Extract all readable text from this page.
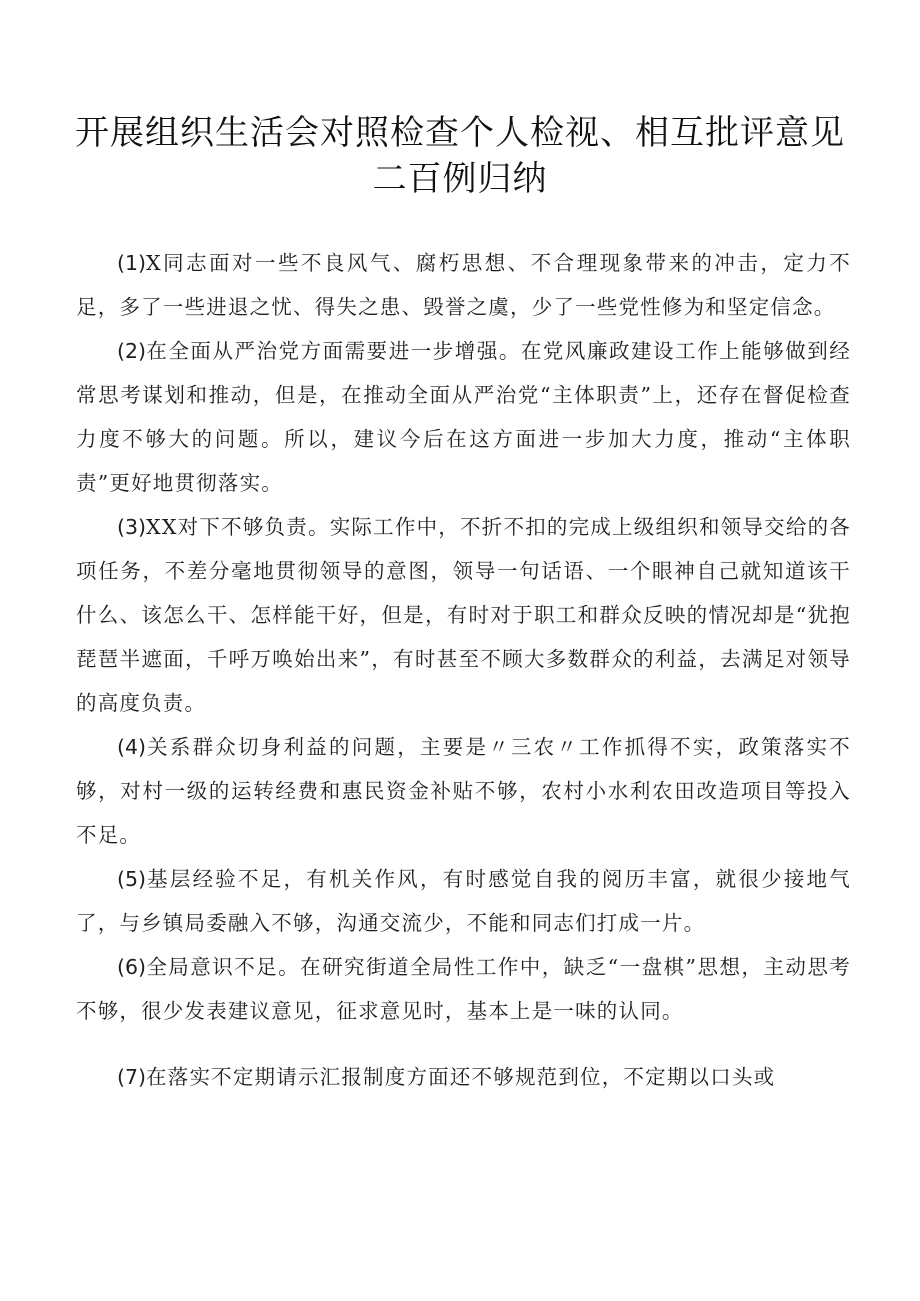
开展组织生活会对照检查个人检视、相互批评意见
二百例归纳

(1)X同志面对一些不良风气、腐朽思想、不合理现象带来的冲击，定力不足，多了一些进退之忧、得失之患、毁誉之虞，少了一些党性修为和坚定信念。

(2)在全面从严治党方面需要进一步增强。在党风廉政建设工作上能够做到经常思考谋划和推动，但是，在推动全面从严治党“主体职责”上，还存在督促检查力度不够大的问题。所以，建议今后在这方面进一步加大力度，推动“主体职责”更好地贯彻落实。

(3)XX对下不够负责。实际工作中，不折不扣的完成上级组织和领导交给的各项任务，不差分毫地贯彻领导的意图，领导一句话语、一个眼神自己就知道该干什么、该怎么干、怎样能干好，但是，有时对于职工和群众反映的情况却是“犹抱琵琶半遮面，千呼万唤始出来”，有时甚至不顾大多数群众的利益，去满足对领导的高度负责。

(4)关系群众切身利益的问题，主要是〃三农〃工作抓得不实，政策落实不够，对村一级的运转经费和惠民资金补贴不够，农村小水利农田改造项目等投入不足。

(5)基层经验不足，有机关作风，有时感觉自我的阅历丰富，就很少接地气了，与乡镇局委融入不够，沟通交流少，不能和同志们打成一片。

(6)全局意识不足。在研究街道全局性工作中，缺乏“一盘棋”思想，主动思考不够，很少发表建议意见，征求意见时，基本上是一味的认同。

(7)在落实不定期请示汇报制度方面还不够规范到位，不定期以口头或
